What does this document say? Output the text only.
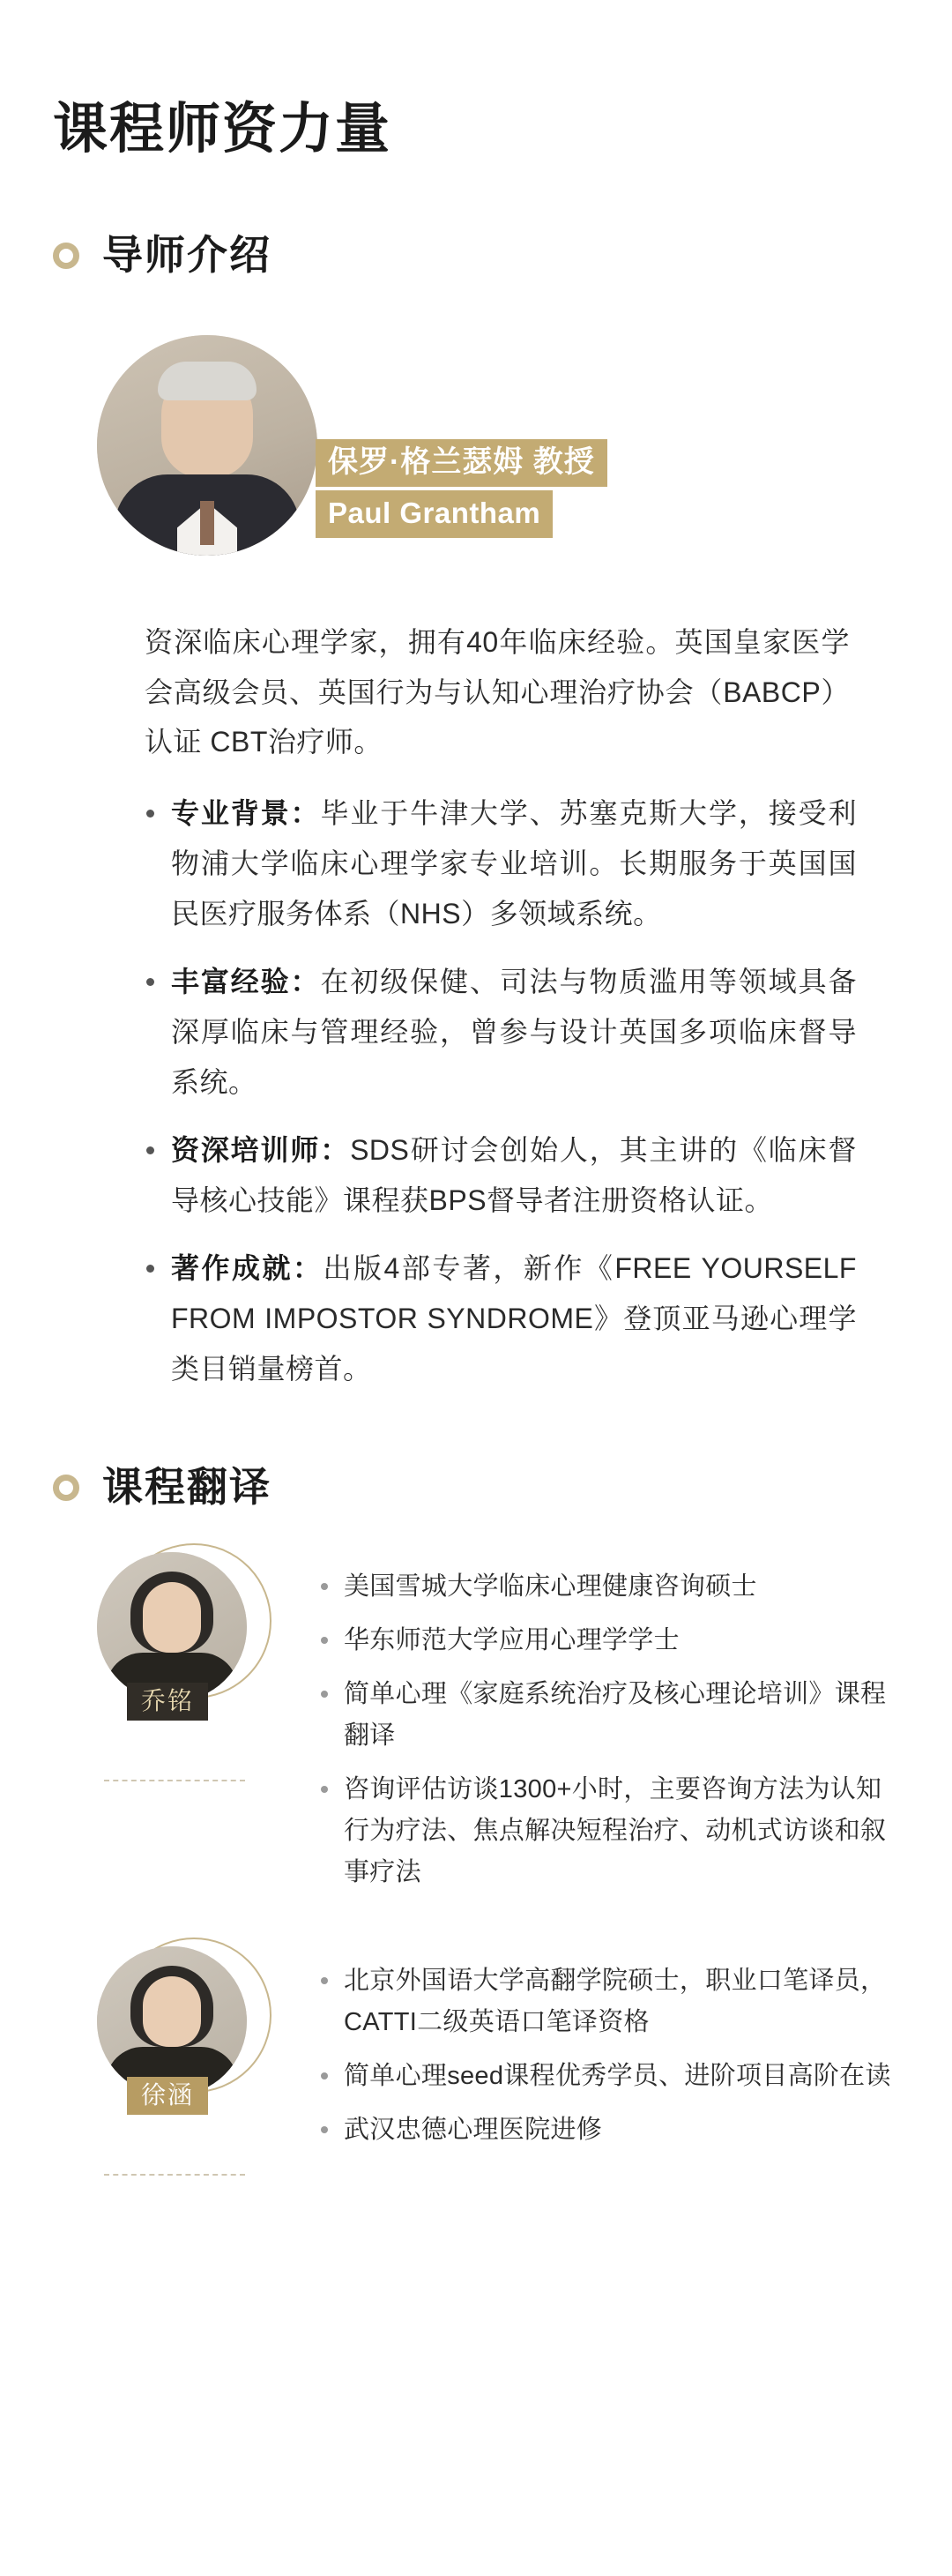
课程师资力量
导师介绍
保罗·格兰瑟姆 教授
Paul Grantham

资深临床心理学家，拥有40年临床经验。英国皇家医学会高级会员、英国行为与认知心理治疗协会（BABCP）认证 CBT治疗师。

专业背景：毕业于牛津大学、苏塞克斯大学，接受利物浦大学临床心理学家专业培训。长期服务于英国国民医疗服务体系（NHS）多领域系统。
丰富经验：在初级保健、司法与物质滥用等领域具备深厚临床与管理经验，曾参与设计英国多项临床督导系统。
资深培训师：SDS研讨会创始人，其主讲的《临床督导核心技能》课程获BPS督导者注册资格认证。
著作成就：出版4部专著，新作《FREE YOURSELF FROM IMPOSTOR SYNDROME》登顶亚马逊心理学类目销量榜首。
课程翻译
乔铭
美国雪城大学临床心理健康咨询硕士
华东师范大学应用心理学学士
简单心理《家庭系统治疗及核心理论培训》课程翻译
咨询评估访谈1300+小时，主要咨询方法为认知行为疗法、焦点解决短程治疗、动机式访谈和叙事疗法
徐涵
北京外国语大学高翻学院硕士，职业口笔译员，CATTI二级英语口笔译资格
简单心理seed课程优秀学员、进阶项目高阶在读
武汉忠德心理医院进修
